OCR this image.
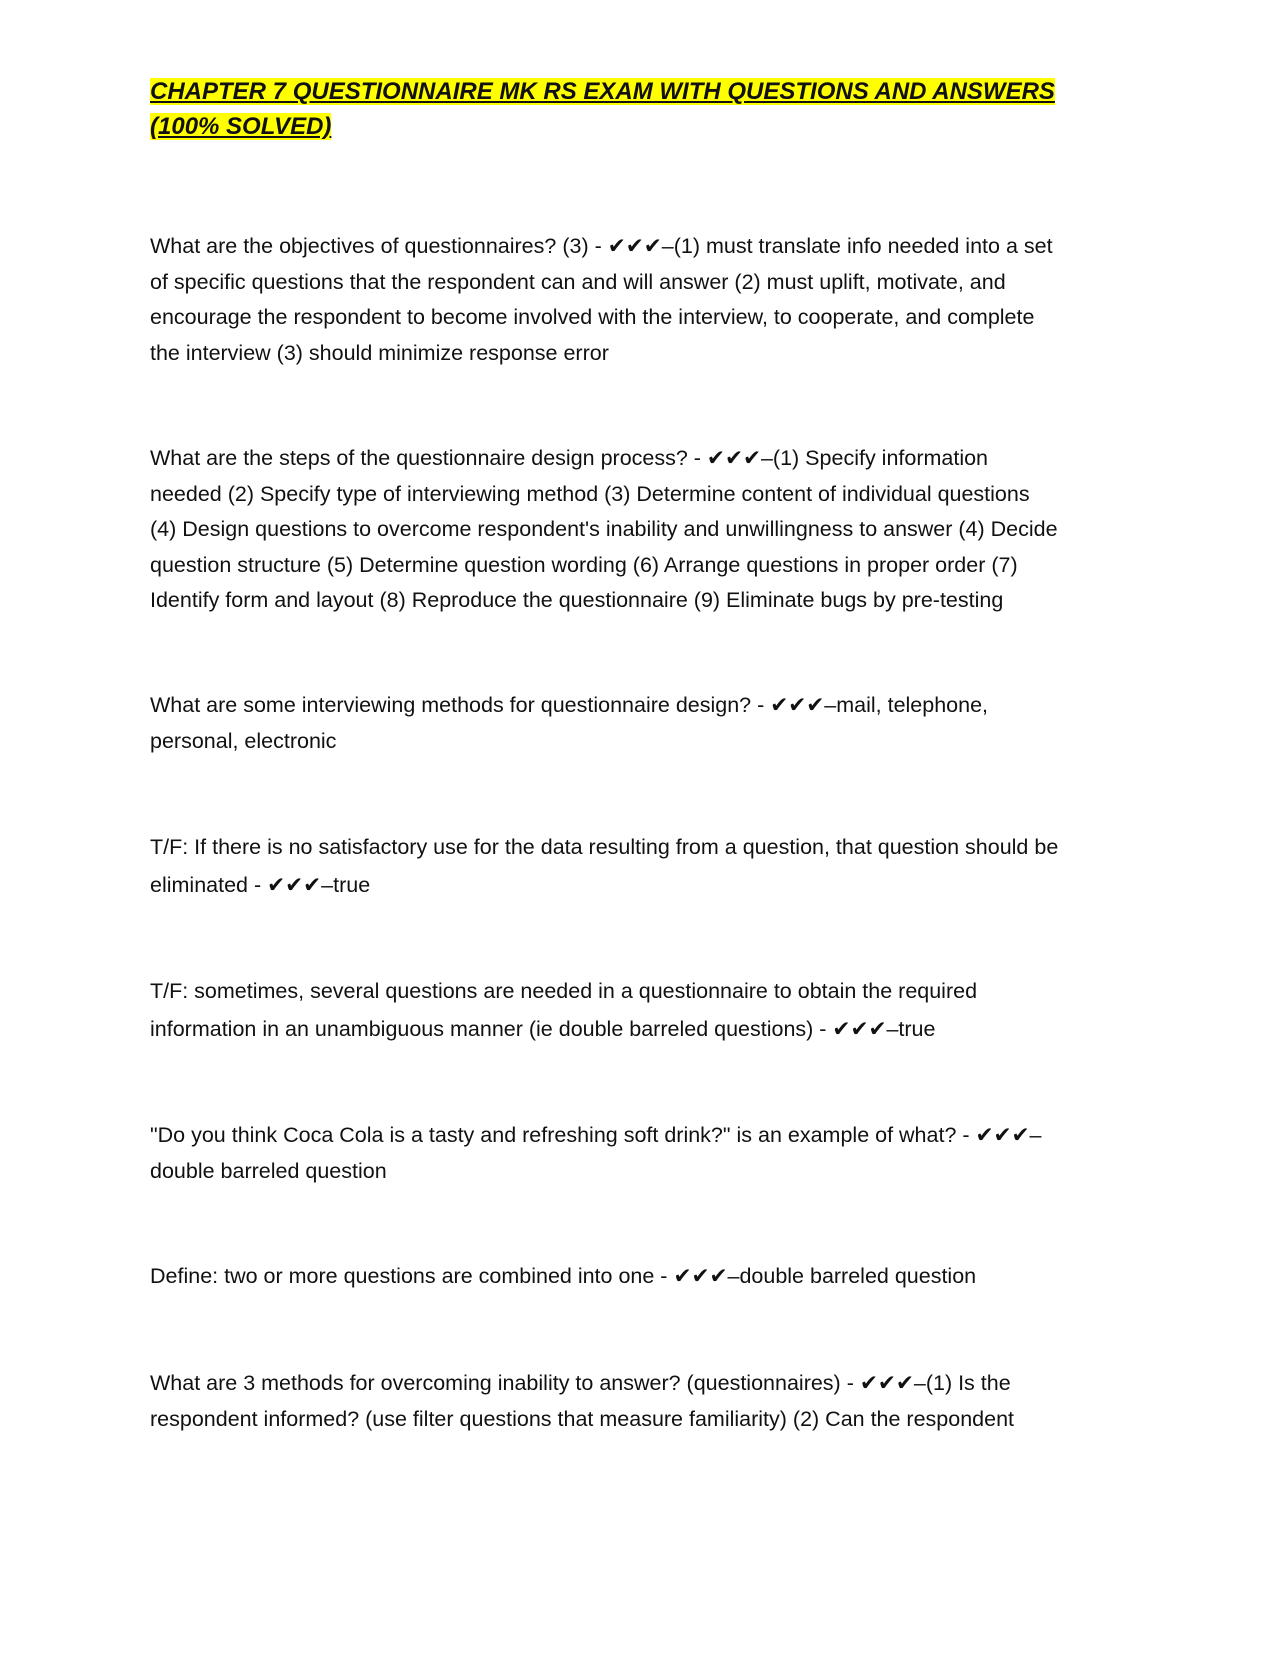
CHAPTER 7 QUESTIONNAIRE MK RS EXAM WITH QUESTIONS AND ANSWERS
(100% SOLVED)

What are the objectives of questionnaires? (3) - ✔✔✔–(1) must translate info needed into a set
of specific questions that the respondent can and will answer (2) must uplift, motivate, and
encourage the respondent to become involved with the interview, to cooperate, and complete
the interview (3) should minimize response error

What are the steps of the questionnaire design process? - ✔✔✔–(1) Specify information
needed (2) Specify type of interviewing method (3) Determine content of individual questions
(4) Design questions to overcome respondent's inability and unwillingness to answer (4) Decide
question structure (5) Determine question wording (6) Arrange questions in proper order (7)
Identify form and layout (8) Reproduce the questionnaire (9) Eliminate bugs by pre-testing

What are some interviewing methods for questionnaire design? - ✔✔✔–mail, telephone,
personal, electronic

T/F: If there is no satisfactory use for the data resulting from a question, that question should be
eliminated - ✔✔✔–true

T/F: sometimes, several questions are needed in a questionnaire to obtain the required
information in an unambiguous manner (ie double barreled questions) - ✔✔✔–true

"Do you think Coca Cola is a tasty and refreshing soft drink?" is an example of what? - ✔✔✔–
double barreled question

Define: two or more questions are combined into one - ✔✔✔–double barreled question

What are 3 methods for overcoming inability to answer? (questionnaires) - ✔✔✔–(1) Is the
respondent informed? (use filter questions that measure familiarity) (2) Can the respondent
